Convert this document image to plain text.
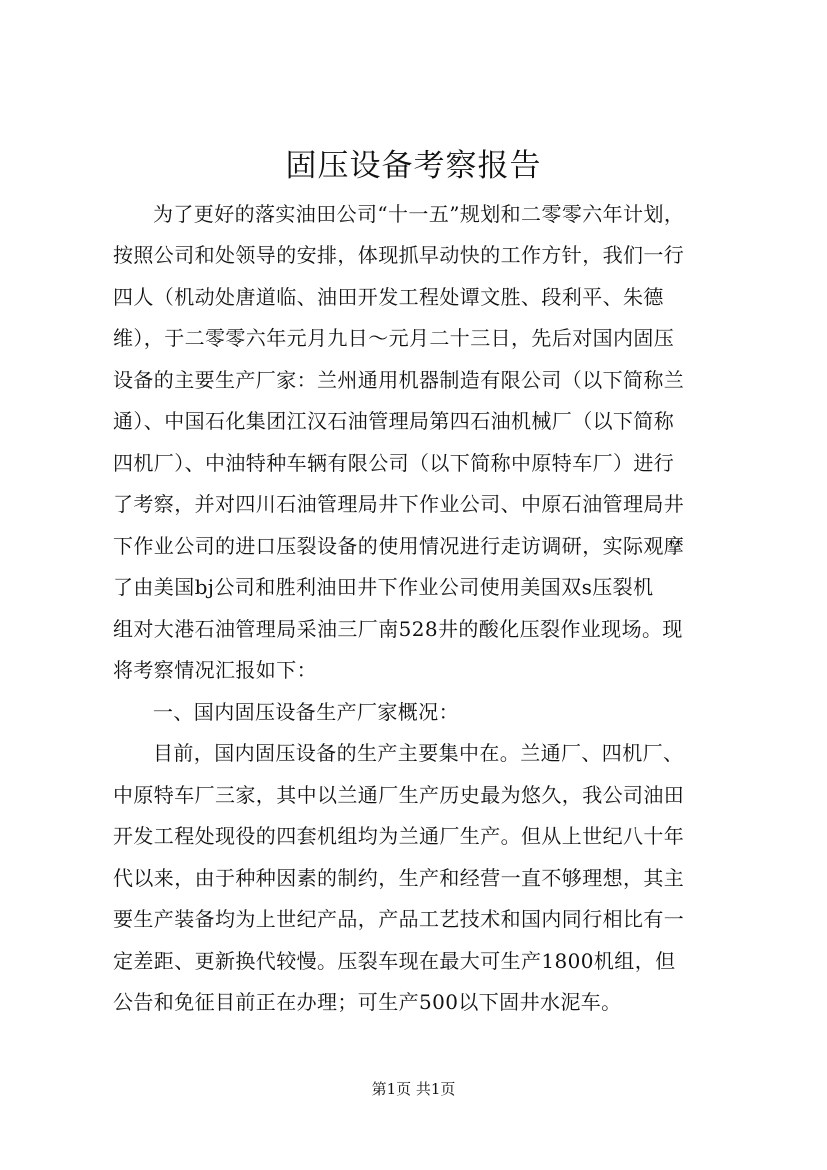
固压设备考察报告
为了更好的落实油田公司“十一五”规划和二零零六年计划，
按照公司和处领导的安排，体现抓早动快的工作方针，我们一行
四人（机动处唐道临、油田开发工程处谭文胜、段利平、朱德
维），于二零零六年元月九日～元月二十三日，先后对国内固压
设备的主要生产厂家：兰州通用机器制造有限公司（以下简称兰
通）、中国石化集团江汉石油管理局第四石油机械厂（以下简称
四机厂）、中油特种车辆有限公司（以下简称中原特车厂）进行
了考察，并对四川石油管理局井下作业公司、中原石油管理局井
下作业公司的进口压裂设备的使用情况进行走访调研，实际观摩
了由美国bj公司和胜利油田井下作业公司使用美国双s压裂机
组对大港石油管理局采油三厂南528井的酸化压裂作业现场。现
将考察情况汇报如下：
一、国内固压设备生产厂家概况：
目前，国内固压设备的生产主要集中在。兰通厂、四机厂、
中原特车厂三家，其中以兰通厂生产历史最为悠久，我公司油田
开发工程处现役的四套机组均为兰通厂生产。但从上世纪八十年
代以来，由于种种因素的制约，生产和经营一直不够理想，其主
要生产装备均为上世纪产品，产品工艺技术和国内同行相比有一
定差距、更新换代较慢。压裂车现在最大可生产1800机组，但
公告和免征目前正在办理；可生产500以下固井水泥车。
第1页 共1页
